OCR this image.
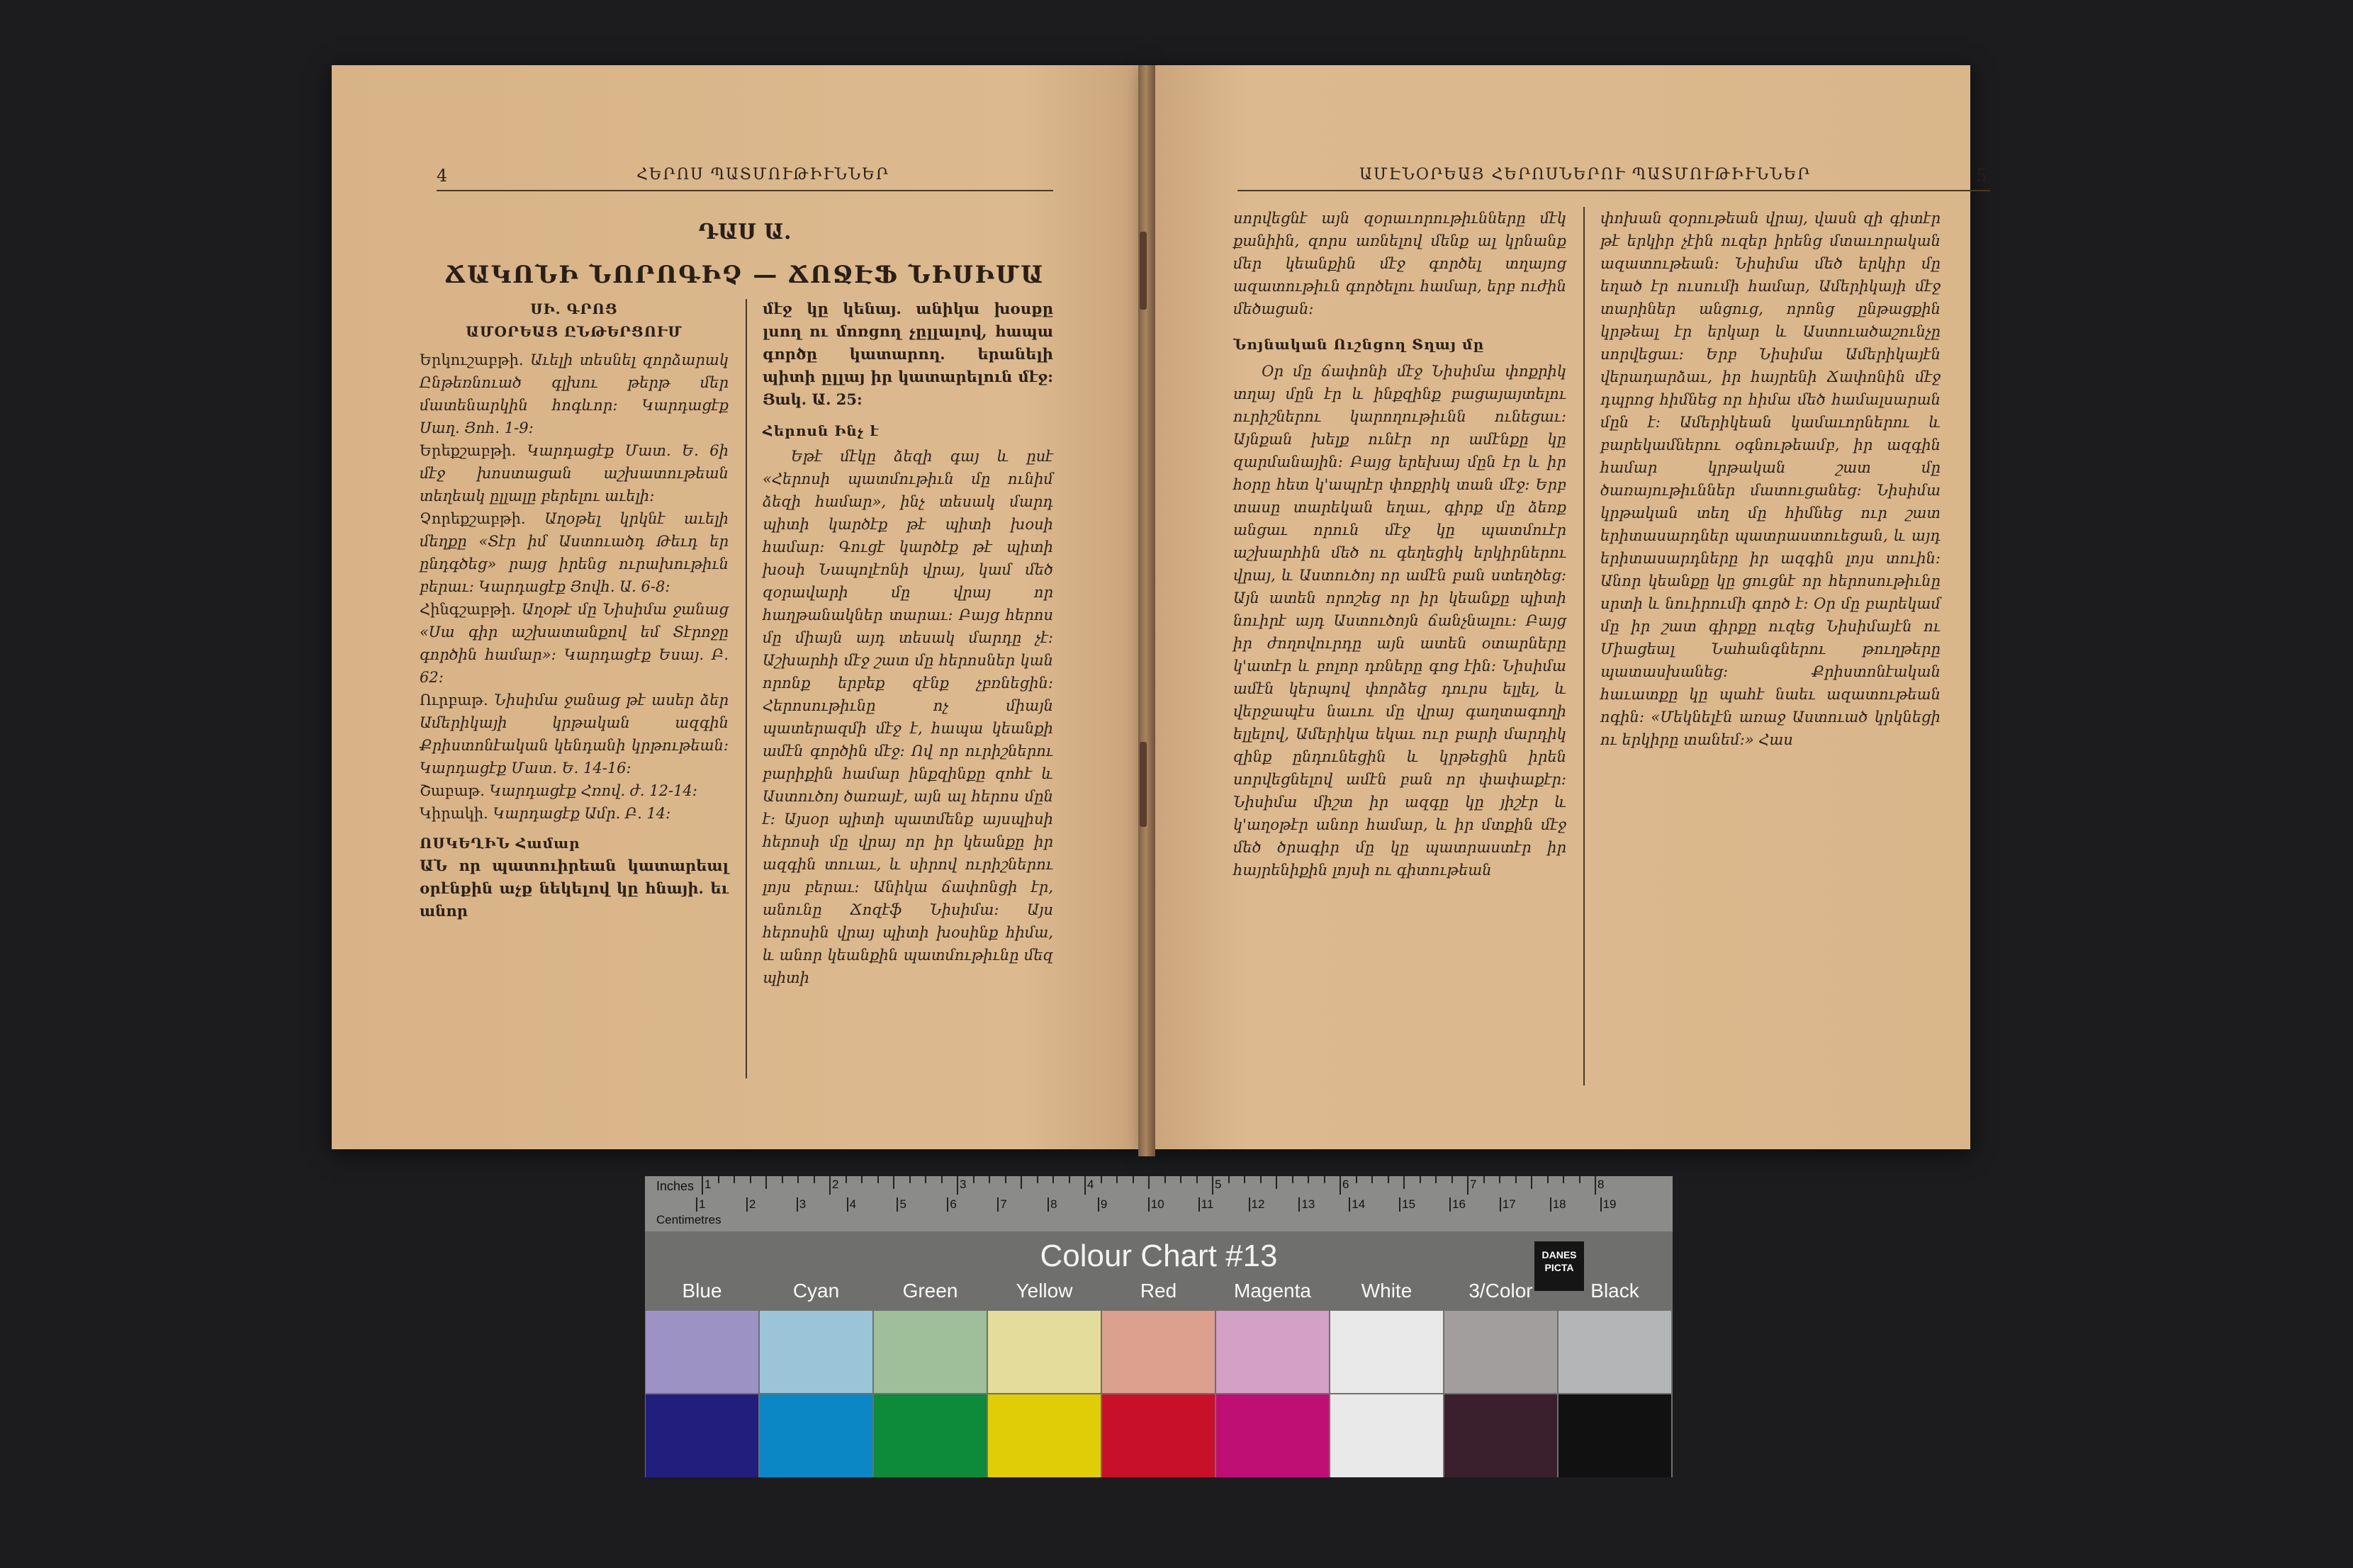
4	ՀԵՐՈՍ ՊԱՏՄՈՒԹԻՒՆՆԵՐ
ԴԱՍ Ա.
ՃԱԿՈՆԻ ՆՈՐՈԳԻՉ — ՃՈՋԷՖ ՆԻՍԻՄԱ

ՍԻ. ԳՐՈՑ

ԱՄՕՐԵԱՅ ԸՆԹԵՐՑՈՒՄ

Երկուշաբթի. Աւելի տեսնել զորձարակ Ընթեռնուած գլխու թերթ մեր մատենարկին հոգևոր: Կարդացէք Սաղ. Յոհ. 1-9:

Երեքշաբթի. Կարդացէք Մատ. Ե. 6ի մէջ խոստացան աշխատութեան տեղեակ ըլլալը բերելու աւելի:

Չորեքշաբթի. Աղօթել կրկնէ աւելի մեղքը «Տէր իմ Աստուածդ Թեւդ եր ընդգծեց» րայց իրենց ուրախութիւն բերաւ: Կարդացէք Յովհ. Ա. 6-8:

Հինգշաբթի. Աղօթէ մը Նիսիմա ջանաց «Սա գիր աշխատանքով եմ Տէրոջը գործին համար»: Կարդացէք Եսայ. Բ. 62:

Ուրբաթ. Նիսիմա ջանաց թէ ասեր ձեր Ամերիկայի կրթական ազգին Քրիստոնէական կենդանի կրթութեան: Կարդացէք Մատ. Ե. 14-16:

Շաբաթ. Կարդացէք Հռով. ժ. 12-14:

Կիրակի. Կարդացէք Ամր. Բ. 14:

ՈՍԿԵՂԻՆ Համար

ԱՆ որ պատուիրեան կատարեալ օրէնքին աչք նեկելով կը հնայի. եւ անոր

մէջ կը կենայ. անիկա խօսքը լսող ու մոռցող չըլլալով, հապա գործը կատարող. երանելի պիտի ըլլայ իր կատարելուն մէջ: Յակ. Ա. 25:

Հերոսն Ինչ է

Եթէ մէկը ձեզի գայ և ըսէ «Հերոսի պատմութիւն մը ունիմ ձեզի համար», ինչ տեսակ մարդ պիտի կարծէք թէ պիտի խօսի համար: Գուցէ կարծէք թէ պիտի խօսի Նապոլէոնի վրայ, կամ մեծ զօրավարի մը վրայ որ հաղթանակներ տարաւ: Բայց հերոս մը միայն այդ տեսակ մարդը չէ: Աշխարհի մէջ շատ մը հերոսներ կան որոնք երբեք զէնք չբռնեցին: Հերոսութիւնը ոչ միայն պատերազմի մէջ է, հապա կեանքի ամէն գործին մէջ: Ով որ ուրիշներու բարիքին համար ինքզինքը զոհէ և Աստուծոյ ծառայէ, այն ալ հերոս մըն է: Այսօր պիտի պատմենք այսպիսի հերոսի մը վրայ որ իր կեանքը իր ազգին տուաւ, և սիրով ուրիշներու լոյս բերաւ: Անիկա ճափոնցի էր, անունը Ճոզէֆ Նիսիմա: Այս հերոսին վրայ պիտի խօսինք հիմա, և անոր կեանքին պատմութիւնը մեզ պիտի

ԱՄԷՆՕՐԵԱՅ ՀԵՐՈՍՆԵՐՈՒ ՊԱՏՄՈՒԹԻՒՆՆԵՐ	5

սորվեցնէ այն զօրաւորութիւնները մէկ քանիին, զորս առնելով մենք ալ կրնանք մեր կեանքին մէջ գործել տղայոց ազատութիւն գործելու համար, երբ ուժին մեծացան:

Նոյնական Ուշնցող Տղայ մը

Օր մը ճափոնի մէջ Նիսիմա փոքրիկ տղայ մըն էր և ինքզինք բացայայտելու ուրիշներու կարողութիւնն ունեցաւ: Այնքան խելք ունէր որ ամէնքը կը զարմանային: Բայց երեխայ մըն էր և իր հօրը հետ կ'ապրէր փոքրիկ տան մէջ: Երբ տասը տարեկան եղաւ, գիրք մը ձեռք անցաւ որուն մէջ կը պատմուէր աշխարհին մեծ ու գեղեցիկ երկիրներու վրայ, և Աստուծոյ որ ամէն բան ստեղծեց: Այն ատեն որոշեց որ իր կեանքը պիտի նուիրէ այդ Աստուծոյն ճանչնալու: Բայց իր ժողովուրդը այն ատեն օտարները կ'ատէր և բոլոր դռները գոց էին: Նիսիմա ամէն կերպով փորձեց դուրս ելլել, և վերջապէս նաւու մը վրայ գաղտագողի ելլելով, Ամերիկա եկաւ ուր բարի մարդիկ զինք ընդունեցին և կրթեցին իրեն սորվեցնելով ամէն բան որ փափաքէր: Նիսիմա միշտ իր ազգը կը յիշէր և կ'աղօթէր անոր համար, և իր մտքին մէջ մեծ ծրագիր մը կը պատրաստէր իր հայրենիքին լոյսի ու գիտութեան

փոխան զօրութեան վրայ, վասն զի գիտէր թէ երկիր չէին ուզեր իրենց մտաւորական ազատութեան: Նիսիմա մեծ երկիր մը եղած էր ուսումի համար, Ամերիկայի մէջ տարիներ անցուց, որոնց ընթացքին կրթեալ էր երկար և Աստուածաշունչը սորվեցաւ: Երբ Նիսիմա Ամերիկայէն վերադարձաւ, իր հայրենի Ճափոնին մէջ դպրոց հիմնեց որ հիմա մեծ համալսարան մըն է: Ամերիկեան կամաւորներու և բարեկամներու օգնութեամբ, իր ազգին համար կրթական շատ մը ծառայութիւններ մատուցանեց: Նիսիմա կրթական տեղ մը հիմնեց ուր շատ երիտասարդներ պատրաստուեցան, և այդ երիտասարդները իր ազգին լոյս տուին: Անոր կեանքը կը ցուցնէ որ հերոսութիւնը սրտի և նուիրումի գործ է: Օր մը բարեկամ մը իր շատ գիրքը ուզեց Նիսիմայէն ու Միացեալ Նահանգներու թուղթերը պատասխանեց: Քրիստոնէական հաւատքը կը պահէ նաեւ ազատութեան ոգին: «Մեկնելէն առաջ Աստուած կրկնեցի ու երկիրը տանեմ:» Հաս

Inches
Centimetres
1	2	3	4	5	6	7	8
1	2	3	4	5	6	7	8	9	10	11	12	13	14	15	16	17	18	19
Colour Chart #13	DANES PICTA
Blue	Cyan	Green	Yellow	Red	Magenta	White	3/Color	Black
